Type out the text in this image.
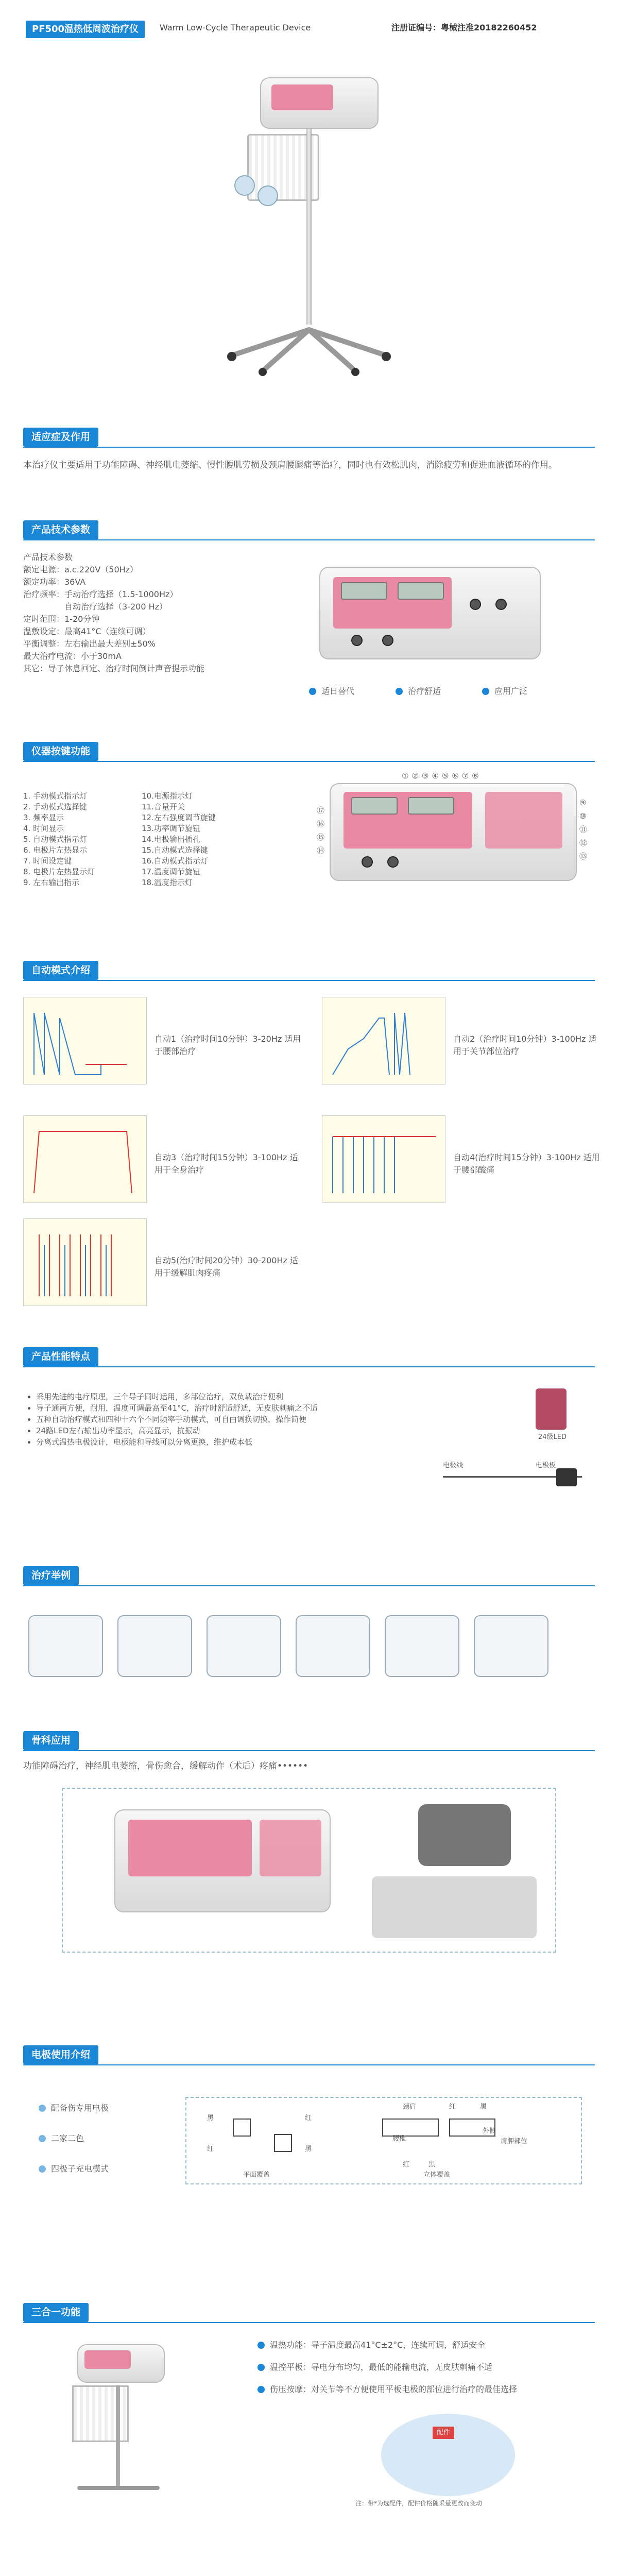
PF500温热低周波治疗仪	Warm Low-Cycle Therapeutic Device	注册证编号：粤械注准20182260452
适应症及作用
本治疗仪主要适用于功能障碍、神经肌电萎缩、慢性腰肌劳损及颈肩腰腿痛等治疗，同时也有效松肌肉，消除疲劳和促进血液循环的作用。
产品技术参数
产品技术参数
额定电源：a.c.220V（50Hz）
额定功率：36VA
治疗频率：手动治疗选择（1.5-1000Hz）
　　　　　自动治疗选择（3-200 Hz）
定时范围：1-20分钟
温敷设定：最高41°C（连续可调）
平衡调整：左右输出最大差别±50%
最大治疗电流：小于30mA
其它：导子休息回定、治疗时间倒计声音提示功能
适日替代	治疗舒适	应用广泛
仪器按键功能
1. 手动模式指示灯
2. 手动模式选择键
3. 频率显示
4. 时间显示
5. 自动模式指示灯
6. 电极片左热显示
7. 时间设定键
8. 电极片左热显示灯
9. 左右输出指示
10.电源指示灯
11.音量开关
12.左右强度调节旋键
13.功率调节旋钮
14.电极输出插孔
15.自动模式选择键
16.自动模式指示灯
17.温度调节旋钮
18.温度指示灯
① ② ③ ④ ⑤ ⑥ ⑦ ⑧
⑰
⑯
⑮
⑭
⑨
⑩
⑪
⑫
⑬
自动模式介绍
自动1（治疗时间10分钟）3-20Hz 适用于腰部治疗
自动2（治疗时间10分钟）3-100Hz 适用于关节部位治疗
自动3（治疗时间15分钟）3-100Hz 适用于全身治疗
自动4(治疗时间15分钟）3-100Hz 适用于腰部酸痛
自动5(治疗时间20分钟）30-200Hz 适用于缓解肌肉疼痛
产品性能特点
• 采用先进的电疗原理，三个导子同时运用，多部位治疗，双负载治疗便利
• 导子通两方便，耐用，温度可调最高至41°C，治疗时舒适舒适，无皮肤刺痛之不适
• 五种自动治疗模式和四种十六个不同频率手动模式，可自由调换切换，操作简便
• 24路LED左右输出功率显示，高亮显示，抗振动
• 分离式温热电极设计，电极能和导线可以分离更换，维护成本低
24级LED
电极线	电极板
治疗举例
骨科应用
功能障碍治疗，神经肌电萎缩，骨伤愈合，缓解动作（术后）疼痛••••••
电极使用介绍
配备伤专用电极
二家二色
四极子充电模式
黑
红
红
黑
平面覆盖
颈肩	红	黑
腰椎
外侧
肩胛部位
红	黑
立体覆盖
三合一功能
温热功能：导子温度最高41°C±2°C，连续可调，舒适安全
温控平板：导电分布均匀，最低的能输电流，无皮肤刺痛不适
伤压按摩：对关节等不方便使用平板电极的部位进行治疗的最佳选择
配件
注：带*为选配件，配件价格随采量更改而变动
